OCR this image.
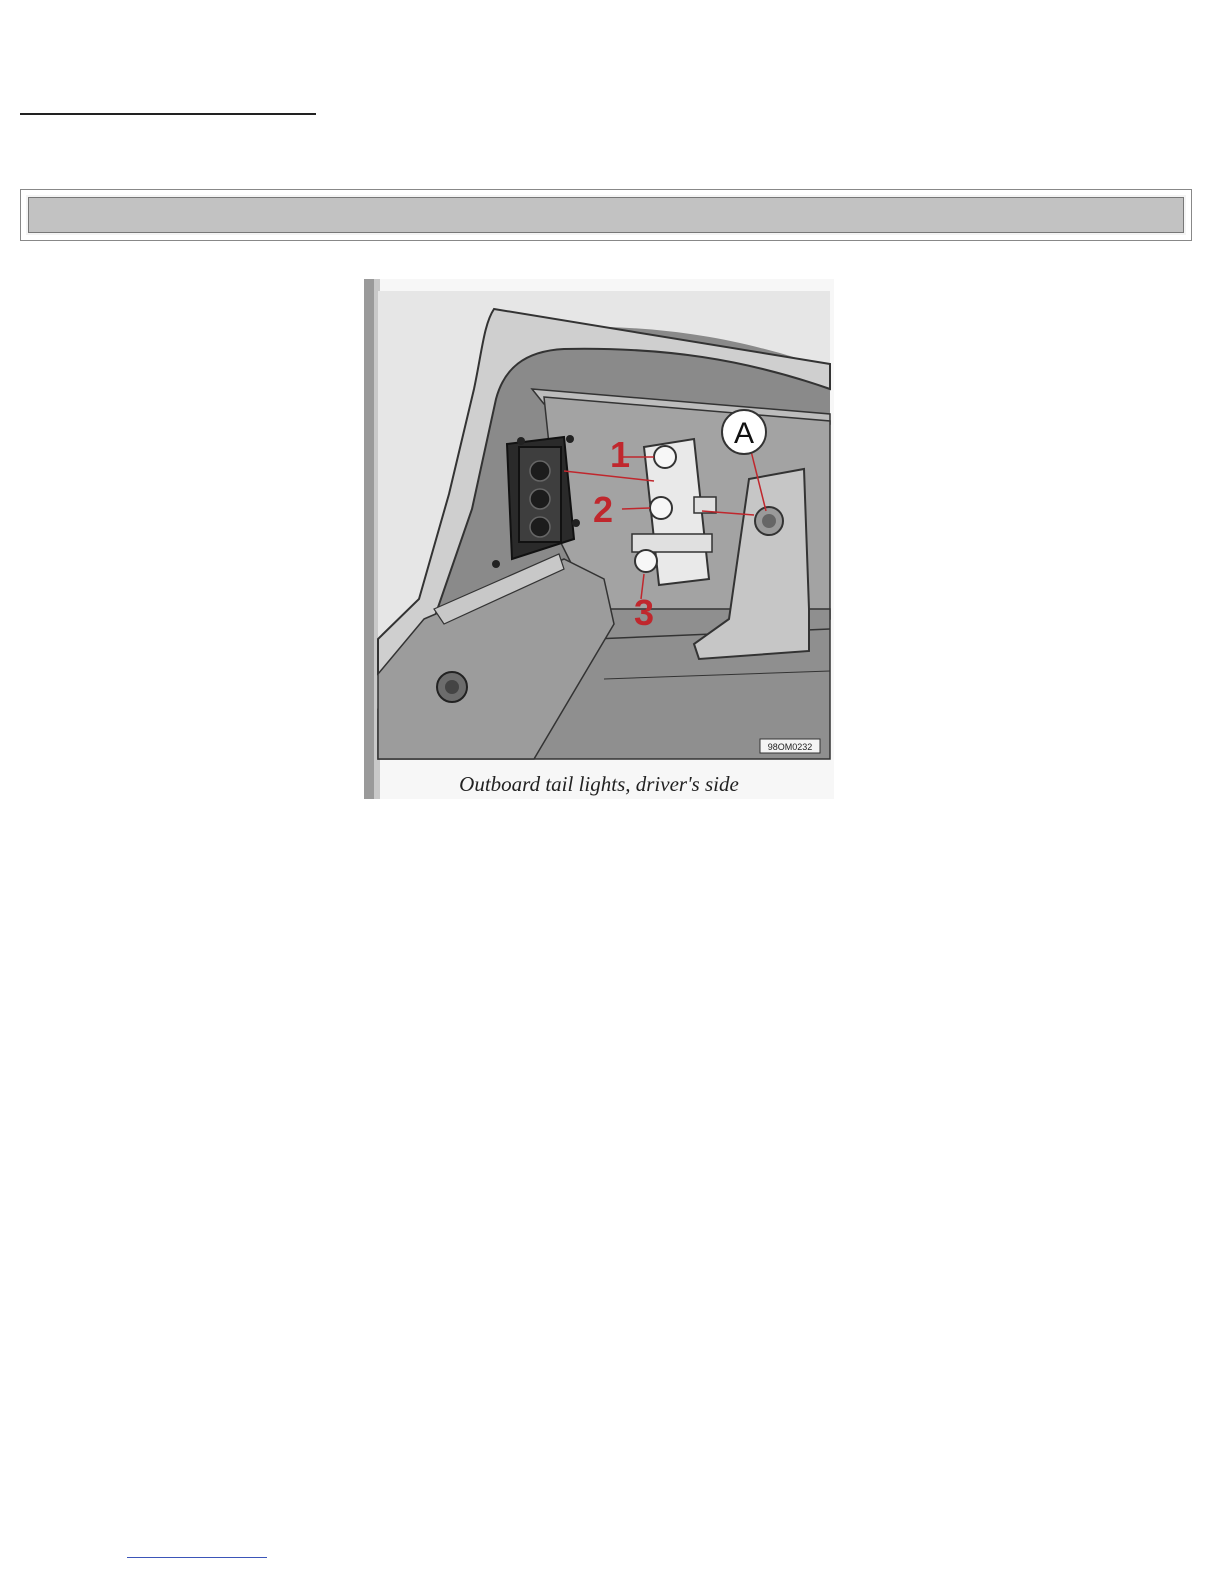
1
2
3
A
98OM0232
Outboard tail lights, driver's side
